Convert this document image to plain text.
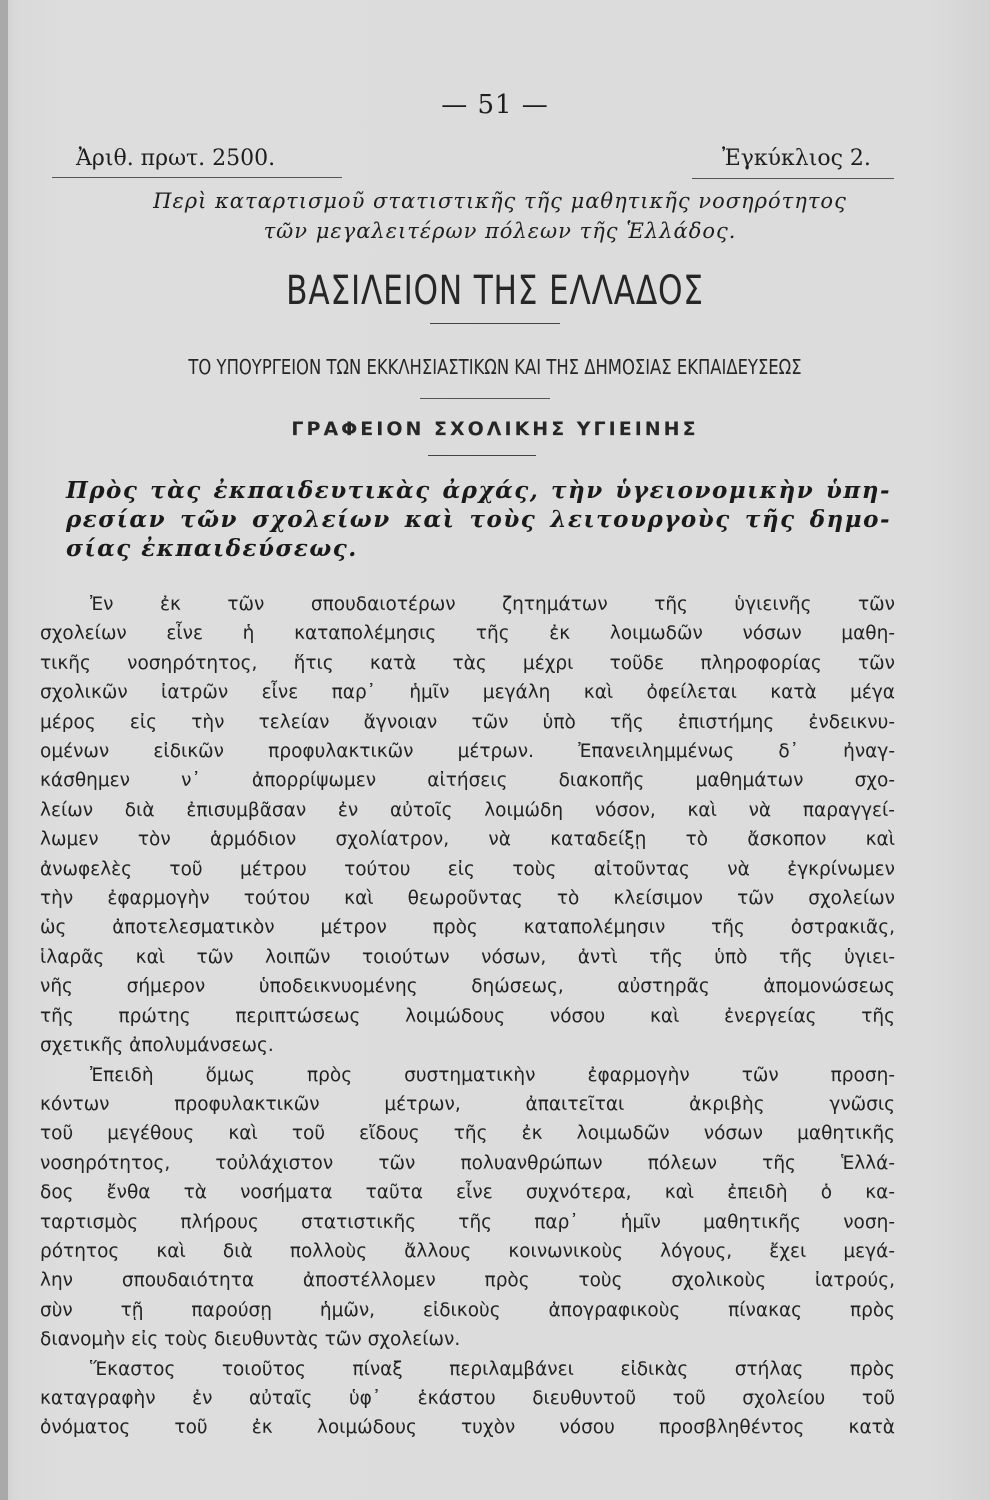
— 51 —
Ἀριθ. πρωτ. 2500.	Ἐγκύκλιος 2.
Περὶ καταρτισμοῦ στατιστικῆς τῆς μαθητικῆς νοσηρότητος
τῶν μεγαλειτέρων πόλεων τῆς Ἑλλάδος.
ΒΑΣΙΛΕΙΟΝ ΤΗΣ ΕΛΛΑΔΟΣ
ΤΟ ΥΠΟΥΡΓΕΙΟΝ ΤΩΝ ΕΚΚΛΗΣΙΑΣΤΙΚΩΝ ΚΑΙ ΤΗΣ ΔΗΜΟΣΙΑΣ ΕΚΠΑΙΔΕΥΣΕΩΣ
ΓΡΑΦΕΙΟΝ ΣΧΟΛΙΚΗΣ ΥΓΙΕΙΝΗΣ
Πρὸς τὰς ἐκπαιδευτικὰς ἀρχάς, τὴν ὑγειονομικὴν ὑπη-
ρεσίαν τῶν σχολείων καὶ τοὺς λειτουργοὺς τῆς δημο-
σίας ἐκπαιδεύσεως.
Ἐν ἐκ τῶν σπουδαιοτέρων ζητημάτων τῆς ὑγιεινῆς τῶν
σχολείων εἶνε ἡ καταπολέμησις τῆς ἐκ λοιμωδῶν νόσων μαθη-
τικῆς νοσηρότητος, ἥτις κατὰ τὰς μέχρι τοῦδε πληροφορίας τῶν
σχολικῶν ἰατρῶν εἶνε παρ᾽ ἡμῖν μεγάλη καὶ ὀφείλεται κατὰ μέγα
μέρος εἰς τὴν τελείαν ἄγνοιαν τῶν ὑπὸ τῆς ἐπιστήμης ἐνδεικνυ-
ομένων εἰδικῶν προφυλακτικῶν μέτρων. Ἐπανειλημμένως δ᾽ ἠναγ-
κάσθημεν ν᾽ ἀπορρίψωμεν αἰτήσεις διακοπῆς μαθημάτων σχο-
λείων διὰ ἐπισυμβᾶσαν ἐν αὐτοῖς λοιμώδη νόσον, καὶ νὰ παραγγεί-
λωμεν τὸν ἁρμόδιον σχολίατρον, νὰ καταδείξῃ τὸ ἄσκοπον καὶ
ἀνωφελὲς τοῦ μέτρου τούτου εἰς τοὺς αἰτοῦντας νὰ ἐγκρίνωμεν
τὴν ἐφαρμογὴν τούτου καὶ θεωροῦντας τὸ κλείσιμον τῶν σχολείων
ὡς ἀποτελεσματικὸν μέτρον πρὸς καταπολέμησιν τῆς ὀστρακιᾶς,
ἱλαρᾶς καὶ τῶν λοιπῶν τοιούτων νόσων, ἀντὶ τῆς ὑπὸ τῆς ὑγιει-
νῆς σήμερον ὑποδεικνυομένης δηώσεως, αὐστηρᾶς ἀπομονώσεως
τῆς πρώτης περιπτώσεως λοιμώδους νόσου καὶ ἐνεργείας τῆς
σχετικῆς ἀπολυμάνσεως.
Ἐπειδὴ ὅμως πρὸς συστηματικὴν ἐφαρμογὴν τῶν προση-
κόντων προφυλακτικῶν μέτρων, ἀπαιτεῖται ἀκριβὴς γνῶσις
τοῦ μεγέθους καὶ τοῦ εἴδους τῆς ἐκ λοιμωδῶν νόσων μαθητικῆς
νοσηρότητος, τοὐλάχιστον τῶν πολυανθρώπων πόλεων τῆς Ἑλλά-
δος ἔνθα τὰ νοσήματα ταῦτα εἶνε συχνότερα, καὶ ἐπειδὴ ὁ κα-
ταρτισμὸς πλήρους στατιστικῆς τῆς παρ᾽ ἡμῖν μαθητικῆς νοση-
ρότητος καὶ διὰ πολλοὺς ἄλλους κοινωνικοὺς λόγους, ἔχει μεγά-
λην σπουδαιότητα ἀποστέλλομεν πρὸς τοὺς σχολικοὺς ἰατρούς,
σὺν τῇ παρούσῃ ἡμῶν, εἰδικοὺς ἀπογραφικοὺς πίνακας πρὸς
διανομὴν εἰς τοὺς διευθυντὰς τῶν σχολείων.
Ἕκαστος τοιοῦτος πίναξ περιλαμβάνει εἰδικὰς στήλας πρὸς
καταγραφὴν ἐν αὐταῖς ὑφ᾽ ἑκάστου διευθυντοῦ τοῦ σχολείου τοῦ
ὀνόματος τοῦ ἐκ λοιμώδους τυχὸν νόσου προσβληθέντος κατὰ
